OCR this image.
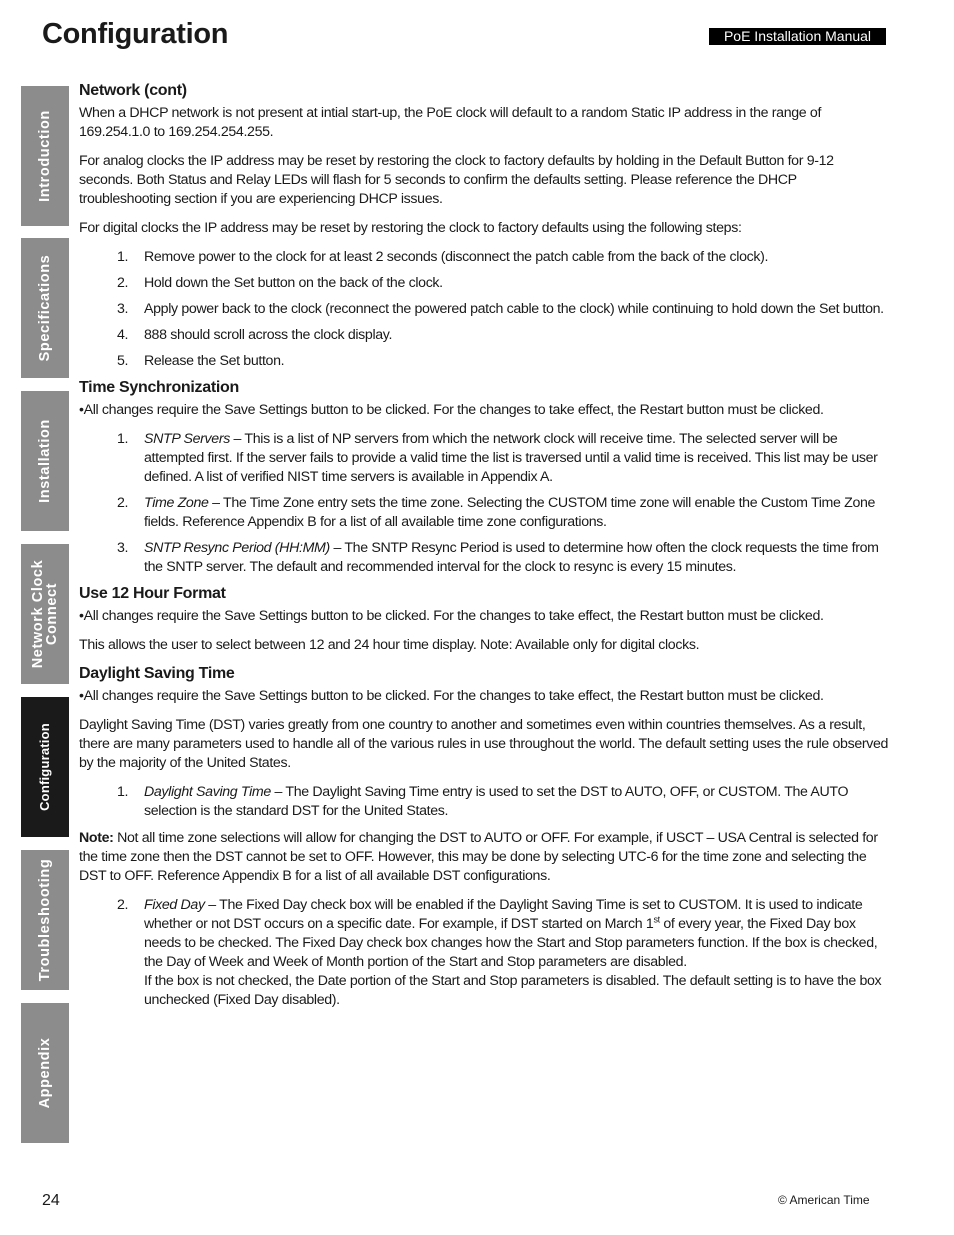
Configuration	PoE Installation Manual
Introduction
Specifications
Installation
Network Clock
Connect
Configuration
Troubleshooting
Appendix
Network (cont)

When a DHCP network is not present at intial start-up, the PoE clock will default to a random Static IP address in the range of 169.254.1.0 to 169.254.254.255.

For analog clocks the IP address may be reset by restoring the clock to factory defaults by holding in the Default Button for 9-12 seconds. Both Status and Relay LEDs will flash for 5 seconds to confirm the defaults setting. Please reference the DHCP troubleshooting section if you are experiencing DHCP issues.

For digital clocks the IP address may be reset by restoring the clock to factory defaults using the following steps:

1. Remove power to the clock for at least 2 seconds (disconnect the patch cable from the back of the clock).
2. Hold down the Set button on the back of the clock.
3. Apply power back to the clock (reconnect the powered patch cable to the clock) while continuing to hold down the Set button.
4. 888 should scroll across the clock display.
5. Release the Set button.
Time Synchronization

•All changes require the Save Settings button to be clicked. For the changes to take effect, the Restart button must be clicked.

1. SNTP Servers – This is a list of NP servers from which the network clock will receive time. The selected server will be attempted first. If the server fails to provide a valid time the list is traversed until a valid time is received. This list may be user defined. A list of verified NIST time servers is available in Appendix A.
2. Time Zone – The Time Zone entry sets the time zone. Selecting the CUSTOM time zone will enable the Custom Time Zone fields. Reference Appendix B for a list of all available time zone configurations.
3. SNTP Resync Period (HH:MM) – The SNTP Resync Period is used to determine how often the clock requests the time from the SNTP server. The default and recommended interval for the clock to resync is every 15 minutes.
Use 12 Hour Format

•All changes require the Save Settings button to be clicked. For the changes to take effect, the Restart button must be clicked.

This allows the user to select between 12 and 24 hour time display. Note: Available only for digital clocks.

Daylight Saving Time

•All changes require the Save Settings button to be clicked. For the changes to take effect, the Restart button must be clicked.

Daylight Saving Time (DST) varies greatly from one country to another and sometimes even within countries themselves. As a result, there are many parameters used to handle all of the various rules in use throughout the world. The default setting uses the rule observed by the majority of the United States.

1. Daylight Saving Time – The Daylight Saving Time entry is used to set the DST to AUTO, OFF, or CUSTOM. The AUTO selection is the standard DST for the United States.

Note: Not all time zone selections will allow for changing the DST to AUTO or OFF. For example, if USCT – USA Central is selected for the time zone then the DST cannot be set to OFF. However, this may be done by selecting UTC-6 for the time zone and selecting the DST to OFF. Reference Appendix B for a list of all available DST configurations.

2. Fixed Day – The Fixed Day check box will be enabled if the Daylight Saving Time is set to CUSTOM. It is used to indicate whether or not DST occurs on a specific date. For example, if DST started on March 1st of every year, the Fixed Day box needs to be checked. The Fixed Day check box changes how the Start and Stop parameters function. If the box is checked, the Day of Week and Week of Month portion of the Start and Stop parameters are disabled.
If the box is not checked, the Date portion of the Start and Stop parameters is disabled. The default setting is to have the box unchecked (Fixed Day disabled).
24	© American Time
